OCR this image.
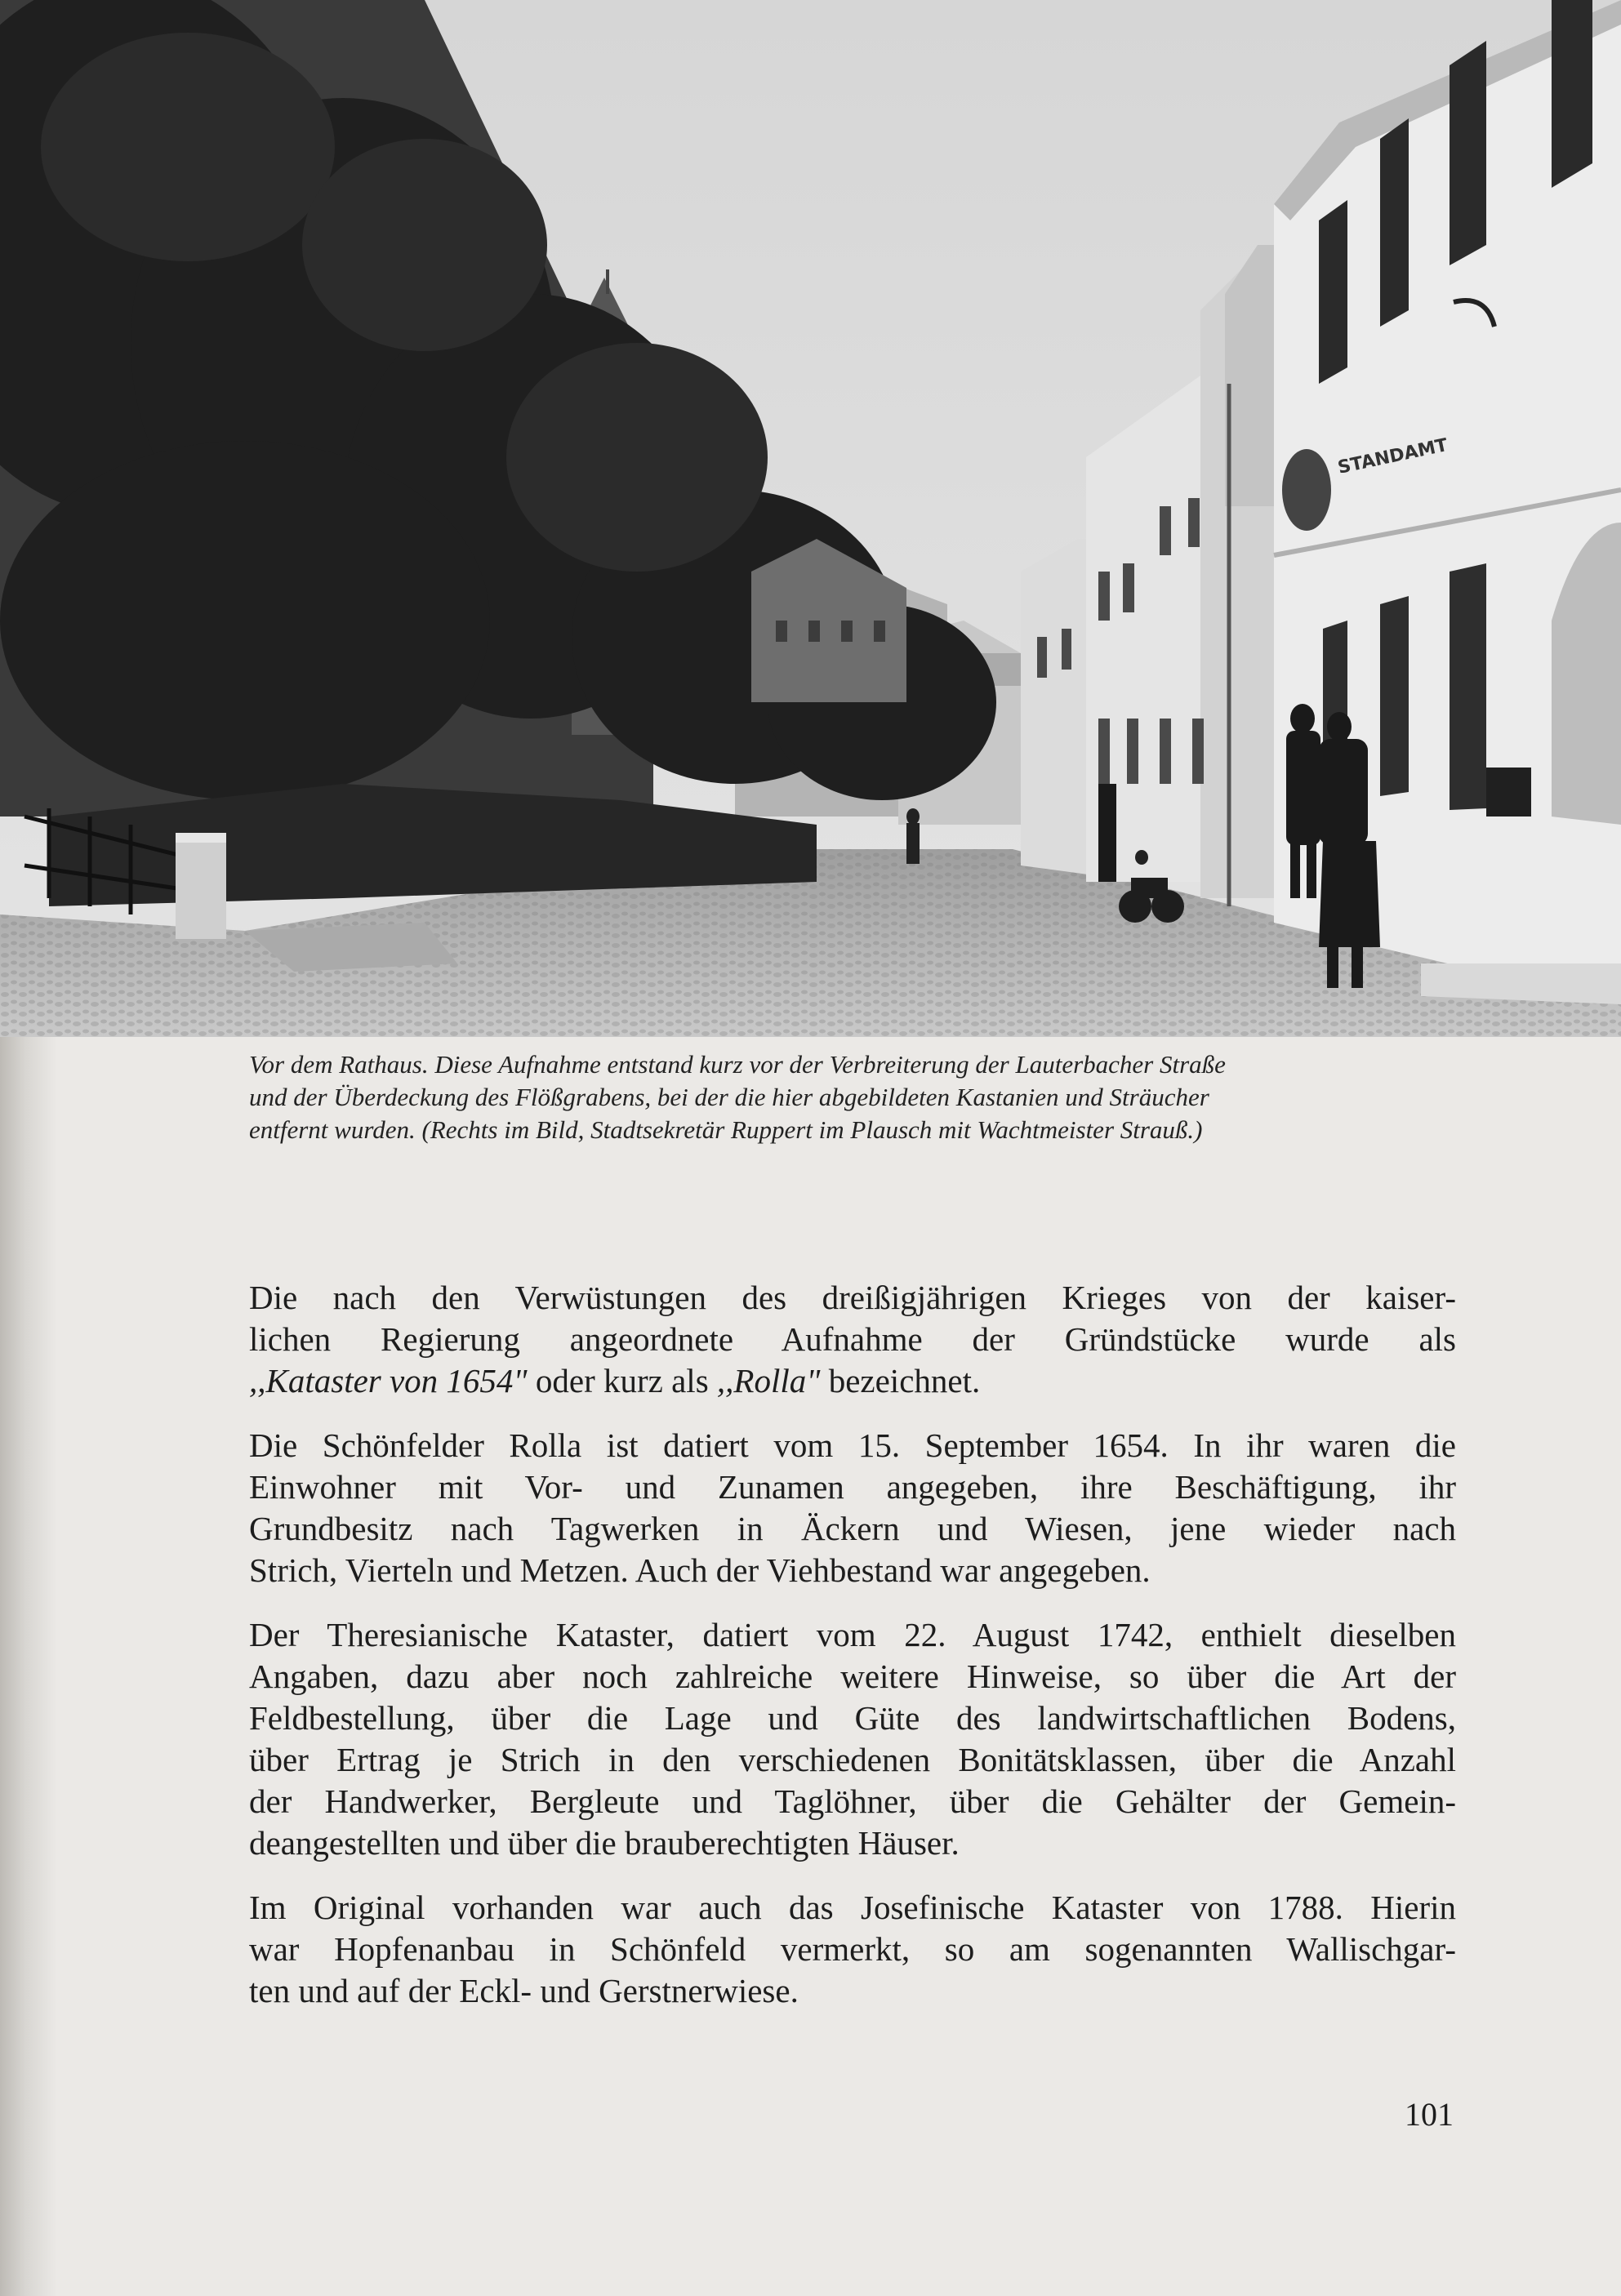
STANDAMT

Vor dem Rathaus. Diese Aufnahme entstand kurz vor der Verbreiterung der Lauterbacher Straße

und der Überdeckung des Flößgrabens, bei der die hier abgebildeten Kastanien und Sträucher

entfernt wurden. (Rechts im Bild, Stadtsekretär Ruppert im Plausch mit Wachtmeister Strauß.)

Die nach den Verwüstungen des dreißigjährigen Krieges von der kaiser-
lichen Regierung angeordnete Aufnahme der Gründstücke wurde als
,,Kataster von 1654" oder kurz als ,,Rolla" bezeichnet.

Die Schönfelder Rolla ist datiert vom 15. September 1654. In ihr waren die
Einwohner mit Vor- und Zunamen angegeben, ihre Beschäftigung, ihr
Grundbesitz nach Tagwerken in Äckern und Wiesen, jene wieder nach
Strich, Vierteln und Metzen. Auch der Viehbestand war angegeben.

Der Theresianische Kataster, datiert vom 22. August 1742, enthielt dieselben
Angaben, dazu aber noch zahlreiche weitere Hinweise, so über die Art der
Feldbestellung, über die Lage und Güte des landwirtschaftlichen Bodens,
über Ertrag je Strich in den verschiedenen Bonitätsklassen, über die Anzahl
der Handwerker, Bergleute und Taglöhner, über die Gehälter der Gemein-
deangestellten und über die brauberechtigten Häuser.

Im Original vorhanden war auch das Josefinische Kataster von 1788. Hierin
war Hopfenanbau in Schönfeld vermerkt, so am sogenannten Wallischgar-
ten und auf der Eckl- und Gerstnerwiese.

101
